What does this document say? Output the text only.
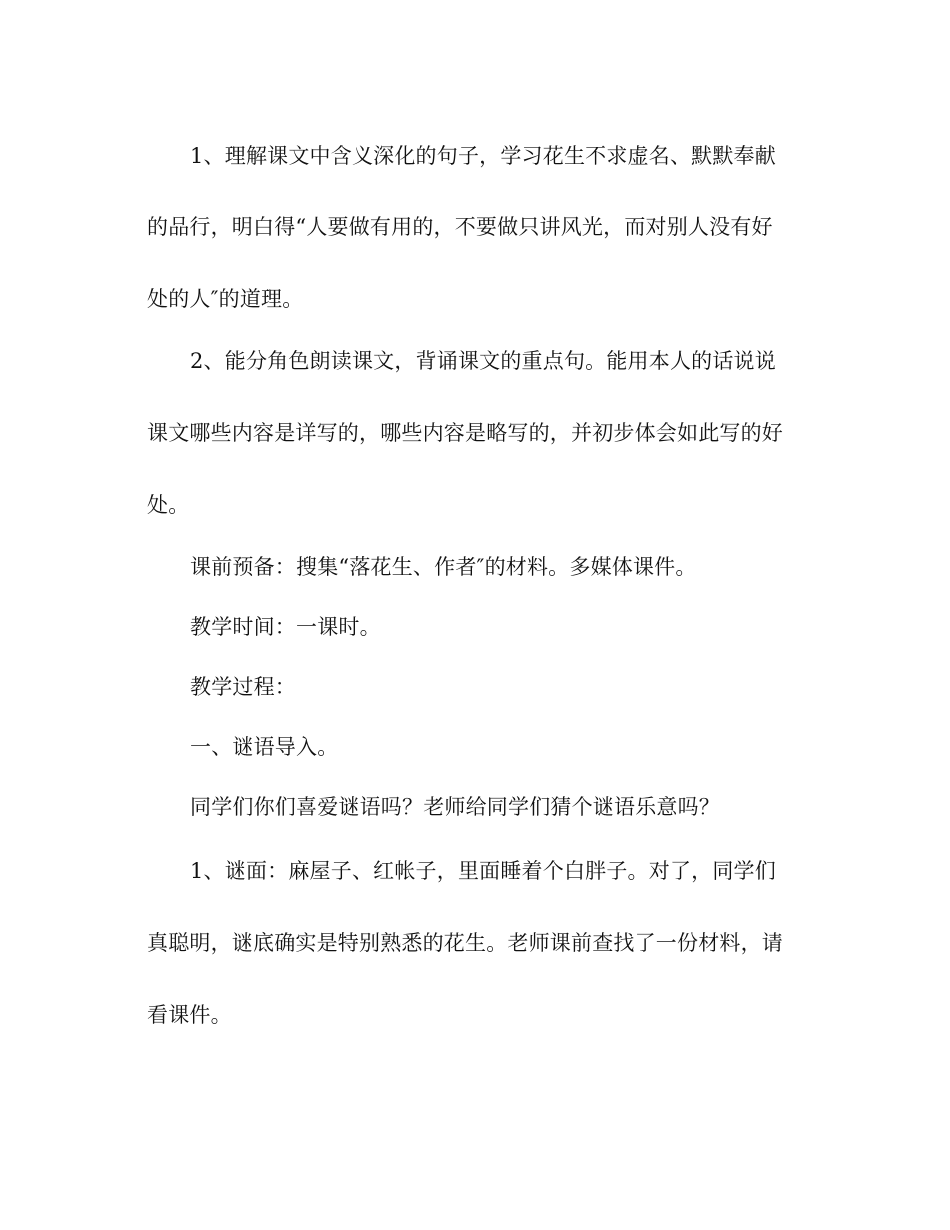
1、理解课文中含义深化的句子，学习花生不求虚名、默默奉献
的品行，明白得“人要做有用的，不要做只讲风光，而对别人没有好
处的人″的道理。
2、能分角色朗读课文，背诵课文的重点句。能用本人的话说说
课文哪些内容是详写的，哪些内容是略写的，并初步体会如此写的好
处。
课前预备：搜集“落花生、作者″的材料。多媒体课件。
教学时间：一课时。
教学过程：
一、谜语导入。
同学们你们喜爱谜语吗？老师给同学们猜个谜语乐意吗？
1、谜面：麻屋子、红帐子，里面睡着个白胖子。对了，同学们
真聪明，谜底确实是特别熟悉的花生。老师课前查找了一份材料，请
看课件。
